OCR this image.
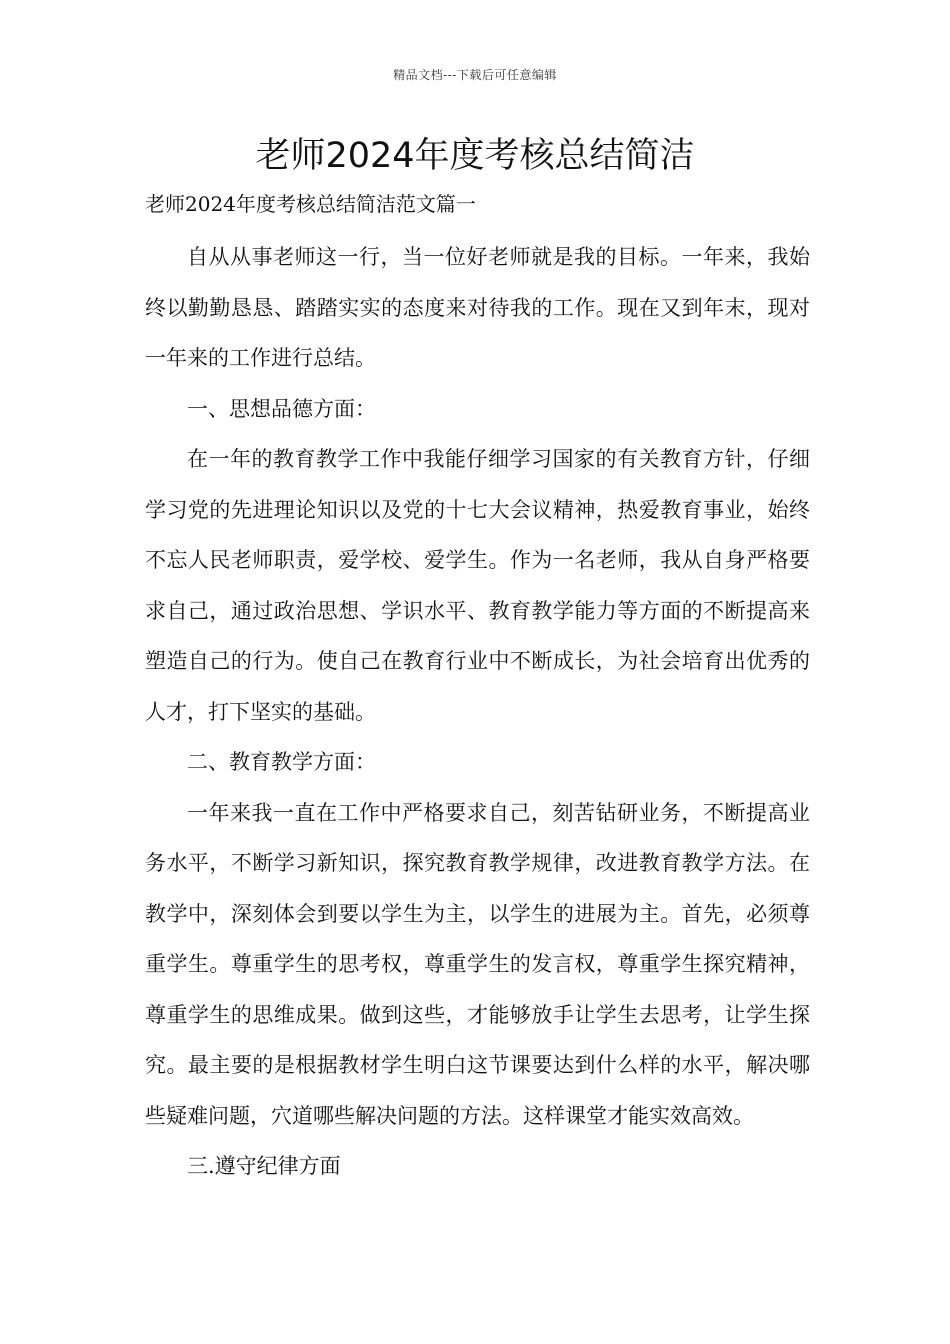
精品文档---下载后可任意编辑
老师2024年度考核总结简洁

老师2024年度考核总结简洁范文篇一

自从从事老师这一行，当一位好老师就是我的目标。一年来，我始终以勤勤恳恳、踏踏实实的态度来对待我的工作。现在又到年末，现对一年来的工作进行总结。

一、思想品德方面：

在一年的教育教学工作中我能仔细学习国家的有关教育方针，仔细学习党的先进理论知识以及党的十七大会议精神，热爱教育事业，始终不忘人民老师职责，爱学校、爱学生。作为一名老师，我从自身严格要求自己，通过政治思想、学识水平、教育教学能力等方面的不断提高来塑造自己的行为。使自己在教育行业中不断成长，为社会培育出优秀的人才，打下坚实的基础。

二、教育教学方面：

一年来我一直在工作中严格要求自己，刻苦钻研业务，不断提高业务水平，不断学习新知识，探究教育教学规律，改进教育教学方法。在教学中，深刻体会到要以学生为主，以学生的进展为主。首先，必须尊重学生。尊重学生的思考权，尊重学生的发言权，尊重学生探究精神，尊重学生的思维成果。做到这些，才能够放手让学生去思考，让学生探究。最主要的是根据教材学生明白这节课要达到什么样的水平，解决哪些疑难问题，穴道哪些解决问题的方法。这样课堂才能实效高效。

三.遵守纪律方面
